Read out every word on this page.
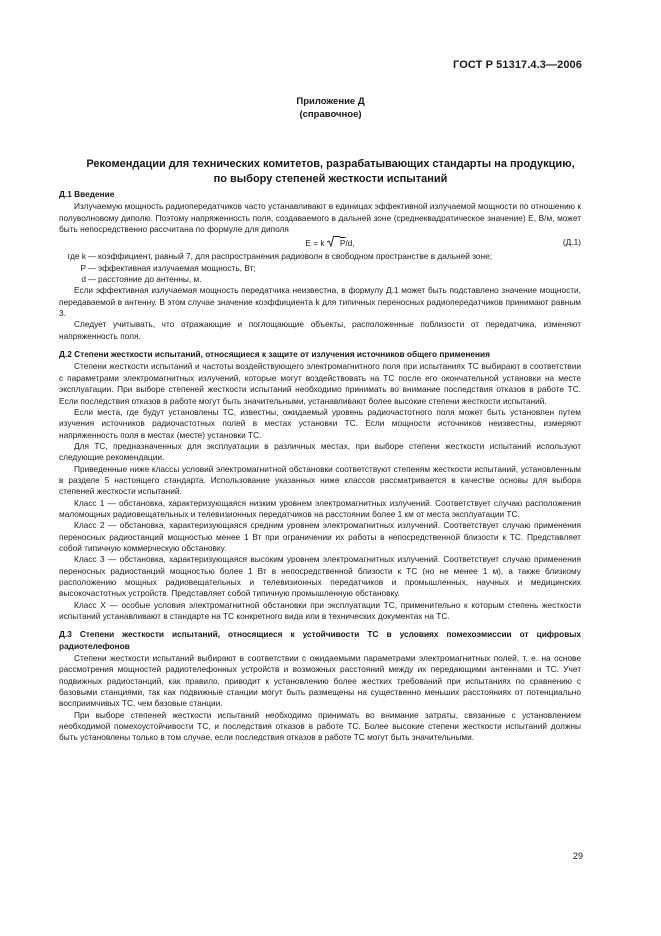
ГОСТ Р 51317.4.3—2006
Приложение Д
(справочное)
Рекомендации для технических комитетов, разрабатывающих стандарты на продукцию,
по выбору степеней жесткости испытаний
Д.1 Введение

Излучаемую мощность радиопередатчиков часто устанавливают в единицах эффективной излучаемой мощности по отношению к полуволновому диполю. Поэтому напряженность поля, создаваемого в дальней зоне (среднеквадратическое значение) E, В/м, может быть непосредственно рассчитана по формуле для диполя

E = k $\overline{P}/d$,	(Д.1)
где k — коэффициент, равный 7, для распространения радиоволн в свободном пространстве в дальней зоне;
P — эффективная излучаемая мощность, Вт;
d — расстояние до антенны, м.

Если эффективная излучаемая мощность передатчика неизвестна, в формулу Д.1 может быть подставлено значение мощности, передаваемой в антенну. В этом случае значение коэффициента k для типичных переносных радиопередатчиков принимают равным 3.

Следует учитывать, что отражающие и поглощающие объекты, расположенные поблизости от передатчика, изменяют напряженность поля.

Д.2 Степени жесткости испытаний, относящиеся к защите от излучения источников общего применения

Степени жесткости испытаний и частоты воздействующего электромагнитного поля при испытаниях ТС выбирают в соответствии с параметрами электромагнитных излучений, которые могут воздействовать на ТС после его окончательной установки на месте эксплуатации. При выборе степеней жесткости испытаний необходимо принимать во внимание последствия отказов в работе ТС. Если последствия отказов в работе могут быть значительными, устанавливают более высокие степени жесткости испытаний.

Если места, где будут установлены ТС, известны, ожидаемый уровень радиочастотного поля может быть установлен путем изучения источников радиочастотных полей в местах установки ТС. Если мощности источников неизвестны, измеряют напряженность поля в местах (месте) установки ТС.

Для ТС, предназначенных для эксплуатации в различных местах, при выборе степени жесткости испытаний используют следующие рекомендации.

Приведенные ниже классы условий электромагнитной обстановки соответствуют степеням жесткости испытаний, установленным в разделе 5 настоящего стандарта. Использование указанных ниже классов рассматривается в качестве основы для выбора степеней жесткости испытаний.

Класс 1 — обстановка, характеризующаяся низким уровнем электромагнитных излучений. Соответствует случаю расположения маломощных радиовещательных и телевизионных передатчиков на расстоянии более 1 км от места эксплуатации ТС.

Класс 2 — обстановка, характеризующаяся средним уровнем электромагнитных излучений. Соответствует случаю применения переносных радиостанций мощностью менее 1 Вт при ограничении их работы в непосредственной близости к ТС. Представляет собой типичную коммерческую обстановку.

Класс 3 — обстановка, характеризующаяся высоким уровнем электромагнитных излучений. Соответствует случаю применения переносных радиостанций мощностью более 1 Вт в непосредственной близости к ТС (но не менее 1 м), а также близкому расположению мощных радиовещательных и телевизионных передатчиков и промышленных, научных и медицинских высокочастотных устройств. Представляет собой типичную промышленную обстановку.

Класс X — особые условия электромагнитной обстановки при эксплуатации ТС, применительно к которым степень жесткости испытаний устанавливают в стандарте на ТС конкретного вида или в технических документах на ТС.

Д.3 Степени жесткости испытаний, относящиеся к устойчивости ТС в условиях помехоэмиссии от цифровых радиотелефонов

Степени жесткости испытаний выбирают в соответствии с ожидаемыми параметрами электромагнитных полей, т. е. на основе рассмотрения мощностей радиотелефонных устройств и возможных расстояний между их передающими антеннами и ТС. Учет подвижных радиостанций, как правило, приводит к установлению более жестких требований при испытаниях по сравнению с базовыми станциями, так как подвижные станции могут быть размещены на существенно меньших расстояниях от потенциально восприимчивых ТС, чем базовые станции.

При выборе степеней жесткости испытаний необходимо принимать во внимание затраты, связанные с установлением необходимой помехоустойчивости ТС, и последствия отказов в работе ТС. Более высокие степени жесткости испытаний должны быть установлены только в том случае, если последствия отказов в работе ТС могут быть значительными.

29
